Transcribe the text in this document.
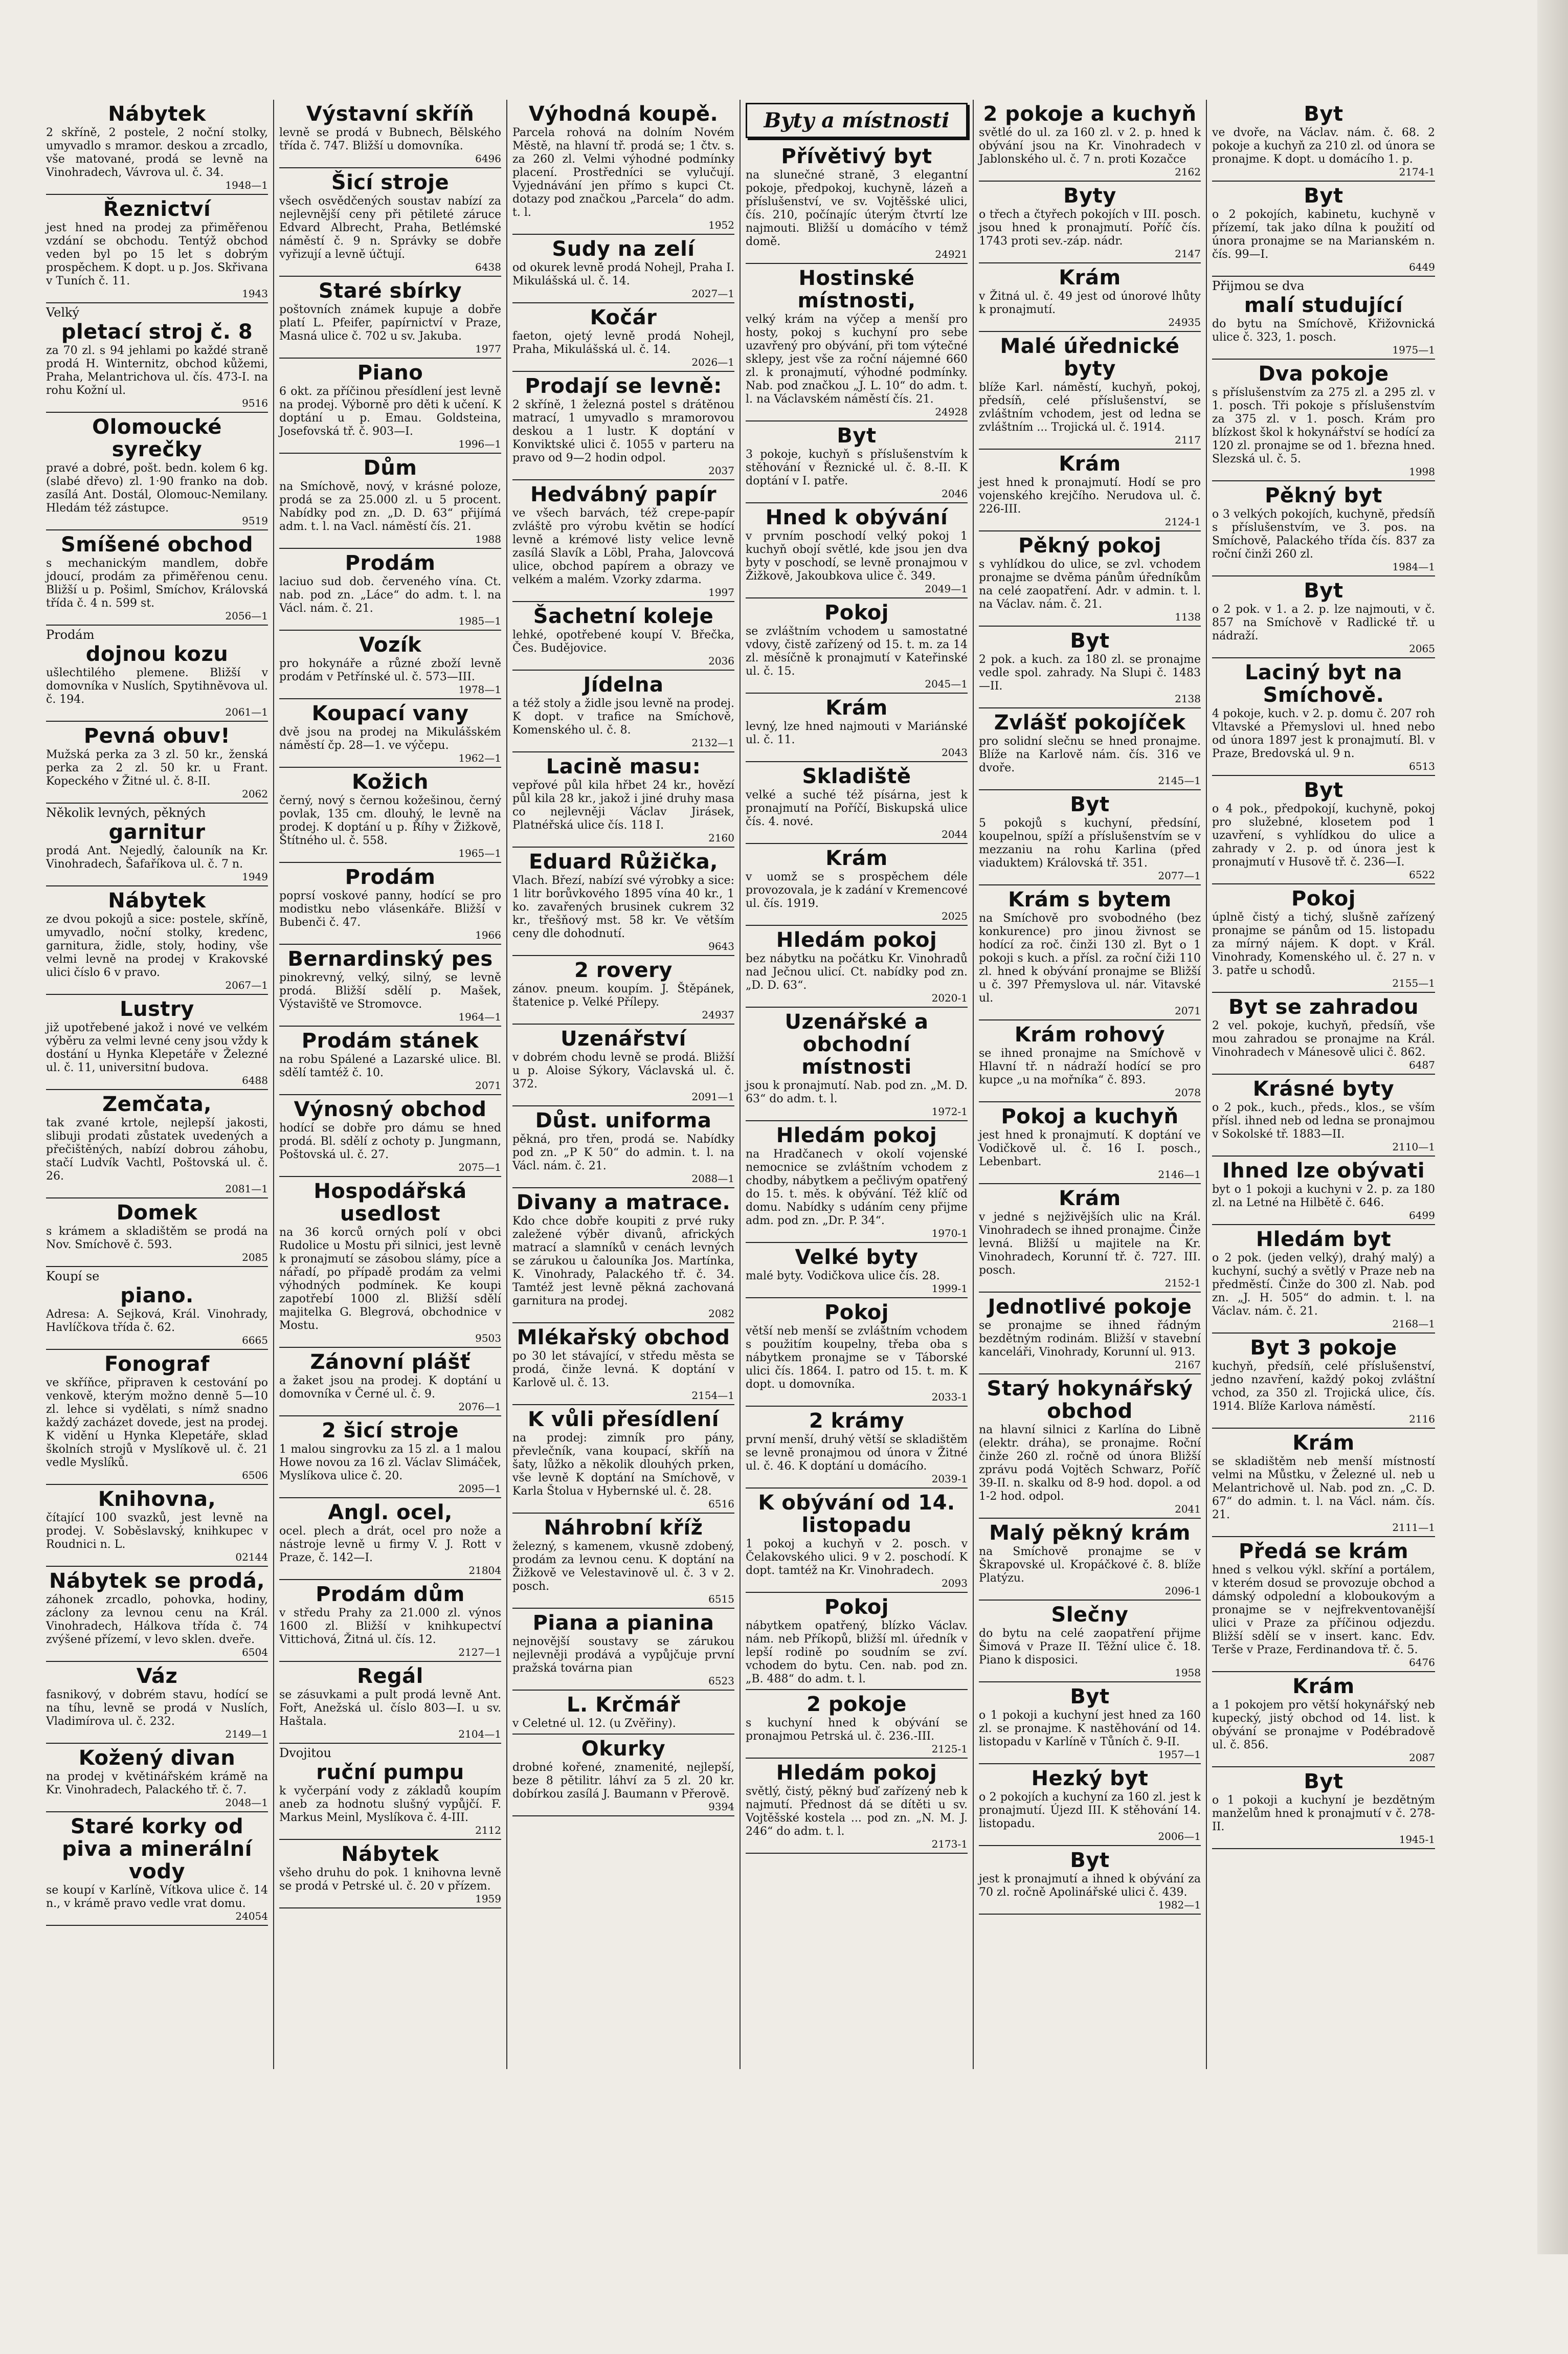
Nábytek

2 skříně, 2 postele, 2 noční stolky, umyvadlo s mramor. deskou a zrcadlo, vše matované, prodá se levně na Vinohradech, Vávrova ul. č. 34.

1948—1
Řeznictví

jest hned na prodej za přiměřenou vzdání se obchodu. Tentýž obchod veden byl po 15 let s dobrým prospěchem. K dopt. u p. Jos. Skřivana v Tuních č. 11.

1943
Velký
pletací stroj č. 8

za 70 zl. s 94 jehlami po každé straně prodá H. Winternitz, obchod kůžemi, Praha, Melantrichova ul. čís. 473-I. na rohu Kožní ul.

9516
Olomoucké syrečky

pravé a dobré, pošt. bedn. kolem 6 kg. (slabé dřevo) zl. 1·90 franko na dob. zasílá Ant. Dostál, Olomouc-Nemilany. Hledám též zástupce.

9519
Smíšené obchod

s mechanickým mandlem, dobře jdoucí, prodám za přiměřenou cenu. Bližší u p. Pošiml, Smíchov, Královská třída č. 4 n. 599 st.

2056—1
Prodám
dojnou kozu

ušlechtilého plemene. Bližší v domovníka v Nuslích, Spytihněvova ul. č. 194.

2061—1
Pevná obuv!

Mužská perka za 3 zl. 50 kr., ženská perka za 2 zl. 50 kr. u Frant. Kopeckého v Žitné ul. č. 8-II.

2062
Několik levných, pěkných
garnitur

prodá Ant. Nejedlý, čalouník na Kr. Vinohradech, Šafaříkova ul. č. 7 n.

1949
Nábytek

ze dvou pokojů a sice: postele, skříně, umyvadlo, noční stolky, kredenc, garnitura, židle, stoly, hodiny, vše velmi levně na prodej v Krakovské ulici číslo 6 v pravo.

2067—1
Lustry

již upotřebené jakož i nové ve velkém výběru za velmi levné ceny jsou vždy k dostání u Hynka Klepetáře v Železné ul. č. 11, universitní budova.

6488
Zemčata,

tak zvané krtole, nejlepší jakosti, slibuji prodati zůstatek uvedených a přečištěných, nabízí dobrou záhobu, stačí Ludvík Vachtl, Poštovská ul. č. 26.

2081—1
Domek

s krámem a skladištěm se prodá na Nov. Smíchově č. 593.

2085
Koupí se
piano.

Adresa: A. Sejková, Král. Vinohrady, Havlíčkova třída č. 62.

6665
Fonograf

ve skříňce, připraven k cestování po venkově, kterým možno denně 5—10 zl. lehce si vydělati, s nímž snadno každý zacházet dovede, jest na prodej. K vidění u Hynka Klepetáře, sklad školních strojů v Myslíkově ul. č. 21 vedle Myslíků.

6506
Knihovna,

čítající 100 svazků, jest levně na prodej. V. Soběslavský, knihkupec v Roudnici n. L.

02144
Nábytek se prodá,

záhonek zrcadlo, pohovka, hodiny, záclony za levnou cenu na Král. Vinohradech, Hálkova třída č. 74 zvýšené přízemí, v levo sklen. dveře.

6504
Váz

fasnikový, v dobrém stavu, hodící se na tíhu, levně se prodá v Nuslích, Vladimírova ul. č. 232.

2149—1
Kožený divan

na prodej v květinářském krámě na Kr. Vinohradech, Palackého tř. č. 7.

2048—1
Staré korky od piva a minerální vody

se koupí v Karlíně, Vítkova ulice č. 14 n., v krámě pravo vedle vrat domu.

24054
Výstavní skříň

levně se prodá v Bubnech, Bělského třída č. 747. Bližší u domovníka.

6496
Šicí stroje

všech osvědčených soustav nabízí za nejlevnější ceny při pětileté záruce Edvard Albrecht, Praha, Betlémské náměstí č. 9 n. Správky se dobře vyřizují a levně účtují.

6438
Staré sbírky

poštovních známek kupuje a dobře platí L. Pfeifer, papírnictví v Praze, Masná ulice č. 702 u sv. Jakuba.

1977
Piano

6 okt. za příčinou přesídlení jest levně na prodej. Výborně pro děti k učení. K doptání u p. Emau. Goldsteina, Josefovská tř. č. 903—I.

1996—1
Dům

na Smíchově, nový, v krásné poloze, prodá se za 25.000 zl. u 5 procent. Nabídky pod zn. „D. D. 63“ přijímá adm. t. l. na Vacl. náměstí čís. 21.

1988
Prodám

laciuo sud dob. červeného vína. Ct. nab. pod zn. „Láce“ do adm. t. l. na Václ. nám. č. 21.

1985—1
Vozík

pro hokynáře a různé zboží levně prodám v Petřínské ul. č. 573—III.

1978—1
Koupací vany

dvě jsou na prodej na Mikulášském náměstí čp. 28—1. ve výčepu.

1962—1
Kožich

černý, nový s černou kožešinou, černý povlak, 135 cm. dlouhý, le levně na prodej. K doptání u p. Říhy v Žižkově, Štítného ul. č. 558.

1965—1
Prodám

poprsí voskové panny, hodící se pro modistku nebo vlásenkáře. Bližší v Bubenči č. 47.

1966
Bernardinský pes

pinokrevný, velký, silný, se levně prodá. Bližší sdělí p. Mašek, Výstaviště ve Stromovce.

1964—1
Prodám stánek

na robu Spálené a Lazarské ulice. Bl. sdělí tamtéž č. 10.

2071
Výnosný obchod

hodící se dobře pro dámu se hned prodá. Bl. sdělí z ochoty p. Jungmann, Poštovská ul. č. 27.

2075—1
Hospodářská usedlost

na 36 korců orných polí v obci Rudolice u Mostu při silnici, jest levně k pronajmutí se zásobou slámy, píce a nářadí, po případě prodám za velmi výhodných podmínek. Ke koupi zapotřebí 1000 zl. Bližší sdělí majitelka G. Blegrová, obchodnice v Mostu.

9503
Zánovní plášť

a žaket jsou na prodej. K doptání u domovníka v Černé ul. č. 9.

2076—1
2 šicí stroje

1 malou singrovku za 15 zl. a 1 malou Howe novou za 16 zl. Václav Slimáček, Myslíkova ulice č. 20.

2095—1
Angl. ocel,

ocel. plech a drát, ocel pro nože a nástroje levně u firmy V. J. Rott v Praze, č. 142—I.

21804
Prodám dům

v středu Prahy za 21.000 zl. výnos 1600 zl. Bližší v knihkupectví Vittichová, Žitná ul. čís. 12.

2127—1
Regál

se zásuvkami a pult prodá levně Ant. Fořt, Anežská ul. číslo 803—I. u sv. Haštala.

2104—1
Dvojitou
ruční pumpu

k vyčerpání vody z základů koupím aneb za hodnotu slušný vypůjčí. F. Markus Meinl, Myslíkova č. 4-III.

2112
Nábytek

všeho druhu do pok. 1 knihovna levně se prodá v Petrské ul. č. 20 v přízem.

1959
Výhodná koupě.

Parcela rohová na dolním Novém Městě, na hlavní tř. prodá se; 1 čtv. s. za 260 zl. Velmi výhodné podmínky placení. Prostředníci se vylučují. Vyjednávání jen přímo s kupci Ct. dotazy pod značkou „Parcela“ do adm. t. l.

1952
Sudy na zelí

od okurek levně prodá Nohejl, Praha I. Mikulášská ul. č. 14.

2027—1
Kočár

faeton, ojetý levně prodá Nohejl, Praha, Mikulášská ul. č. 14.

2026—1
Prodají se levně:

2 skříně, 1 železná postel s drátěnou matrací, 1 umyvadlo s mramorovou deskou a 1 lustr. K doptání v Konviktské ulici č. 1055 v parteru na pravo od 9—2 hodin odpol.

2037
Hedvábný papír

ve všech barvách, též crepe-papír zvláště pro výrobu květin se hodící levně a krémové listy velice levně zasílá Slavík a Löbl, Praha, Jalovcová ulice, obchod papírem a obrazy ve velkém a malém. Vzorky zdarma.

1997
Šachetní koleje

lehké, opotřebené koupí V. Břečka, Čes. Budějovice.

2036
Jídelna

a též stoly a židle jsou levně na prodej. K dopt. v trafice na Smíchově, Komenského ul. č. 8.

2132—1
Lacině masu:

vepřové půl kila hřbet 24 kr., hovězí půl kila 28 kr., jakož i jiné druhy masa co nejlevněji Václav Jirásek, Platnéřská ulice čís. 118 I.

2160
Eduard Růžička,

Vlach. Březí, nabízí své výrobky a sice: 1 litr borůvkového 1895 vína 40 kr., 1 ko. zavařených brusinek cukrem 32 kr., třešňový mst. 58 kr. Ve větším ceny dle dohodnutí.

9643
2 rovery

zánov. pneum. koupím. J. Štěpánek, štatenice p. Velké Přílepy.

24937
Uzenářství

v dobrém chodu levně se prodá. Bližší u p. Aloise Sýkory, Václavská ul. č. 372.

2091—1
Důst. uniforma

pěkná, pro třen, prodá se. Nabídky pod zn. „P K 50“ do admin. t. l. na Václ. nám. č. 21.

2088—1
Divany a matrace.

Kdo chce dobře koupiti z prvé ruky zaležené výběr divanů, afrických matrací a slamníků v cenách levných se zárukou u čalouníka Jos. Martínka, K. Vinohrady, Palackého tř. č. 34. Tamtéž jest levně pěkná zachovaná garnitura na prodej.

2082
Mlékařský obchod

po 30 let stávající, v středu města se prodá, činže levná. K doptání v Karlově ul. č. 13.

2154—1
K vůli přesídlení

na prodej: zimník pro pány, převlečník, vana koupací, skříň na šaty, lůžko a několik dlouhých prken, vše levně K doptání na Smíchově, v Karla Štolua v Hybernské ul. č. 28.

6516
Náhrobní kříž

železný, s kamenem, vkusně zdobený, prodám za levnou cenu. K doptání na Žižkově ve Velestavinově ul. č. 3 v 2. posch.

6515
Piana a pianina

nejnovější soustavy se zárukou nejlevněji prodává a vypůjčuje první pražská továrna pian

6523
L. Krčmář

v Celetné ul. 12. (u Zvěřiny).

Okurky

drobné kořené, znamenité, nejlepší, beze 8 pětilitr. láhví za 5 zl. 20 kr. dobírkou zasílá J. Baumann v Přerově.

9394
Byty a místnosti
Přívětivý byt

na slunečné straně, 3 elegantní pokoje, předpokoj, kuchyně, lázeň a příslušenství, ve sv. Vojtěšské ulici, čís. 210, počínajíc úterým čtvrtí lze najmouti. Bližší u domácího v témž domě.

24921
Hostinské místnosti,

velký krám na výčep a menší pro hosty, pokoj s kuchyní pro sebe uzavřený pro obývání, při tom výtečné sklepy, jest vše za roční nájemné 660 zl. k pronajmutí, výhodné podmínky. Nab. pod značkou „J. L. 10“ do adm. t. l. na Václavském náměstí čís. 21.

24928
Byt

3 pokoje, kuchyň s příslušenstvím k stěhování v Řeznické ul. č. 8.-II. K doptání v I. patře.

2046
Hned k obývání

v prvním poschodí velký pokoj 1 kuchyň obojí světlé, kde jsou jen dva byty v poschodí, se levně pronajmou v Žižkově, Jakoubkova ulice č. 349.

2049—1
Pokoj

se zvláštním vchodem u samostatné vdovy, čistě zařízený od 15. t. m. za 14 zl. měsíčně k pronajmutí v Kateřinské ul. č. 15.

2045—1
Krám

levný, lze hned najmouti v Mariánské ul. č. 11.

2043
Skladiště

velké a suché též písárna, jest k pronajmutí na Poříčí, Biskupská ulice čís. 4. nové.

2044
Krám

v uomž se s prospěchem déle provozovala, je k zadání v Kremencové ul. čís. 1919.

2025
Hledám pokoj

bez nábytku na počátku Kr. Vinohradů nad Ječnou ulicí. Ct. nabídky pod zn. „D. D. 63“.

2020-1
Uzenářské a obchodní místnosti

jsou k pronajmutí. Nab. pod zn. „M. D. 63“ do adm. t. l.

1972-1
Hledám pokoj

na Hradčanech v okolí vojenské nemocnice se zvláštním vchodem z chodby, nábytkem a pečlivým opatřený do 15. t. měs. k obývání. Též klíč od domu. Nabídky s udáním ceny přijme adm. pod zn. „Dr. P. 34“.

1970-1
Velké byty

malé byty. Vodičkova ulice čís. 28.

1999-1
Pokoj

větší neb menší se zvláštním vchodem s použitím koupelny, třeba oba s nábytkem pronajme se v Táborské ulici čís. 1864. I. patro od 15. t. m. K dopt. u domovníka.

2033-1
2 krámy

první menší, druhý větší se skladištěm se levně pronajmou od února v Žitné ul. č. 46. K doptání u domácího.

2039-1
K obývání od 14. listopadu

1 pokoj a kuchyň v 2. posch. v Čelakovského ulici. 9 v 2. poschodí. K dopt. tamtéž na Kr. Vinohradech.

2093
Pokoj

nábytkem opatřený, blízko Václav. nám. neb Příkopů, bližší ml. úředník v lepší rodině po soudním se zví. vchodem do bytu. Cen. nab. pod zn. „B. 488“ do adm. t. l.

2 pokoje

s kuchyní hned k obývání se pronajmou Petrská ul. č. 236.-III.

2125-1
Hledám pokoj

světlý, čistý, pěkný buď zařízený neb k najmutí. Přednost dá se dítěti u sv. Vojtěšské kostela ... pod zn. „N. M. J. 246“ do adm. t. l.

2173-1
2 pokoje a kuchyň

světlé do ul. za 160 zl. v 2. p. hned k obývání jsou na Kr. Vinohradech v Jablonského ul. č. 7 n. proti Kozačce

2162
Byty

o třech a čtyřech pokojích v III. posch. jsou hned k pronajmutí. Poříč čís. 1743 proti sev.-záp. nádr.

2147
Krám

v Žitná ul. č. 49 jest od únorové lhůty k pronajmutí.

24935
Malé úřednické byty

blíže Karl. náměstí, kuchyň, pokoj, předsíň, celé příslušenství, se zvláštním vchodem, jest od ledna se zvláštním ... Trojická ul. č. 1914.

2117
Krám

jest hned k pronajmutí. Hodí se pro vojenského krejčího. Nerudova ul. č. 226-III.

2124-1
Pěkný pokoj

s vyhlídkou do ulice, se zvl. vchodem pronajme se dvěma pánům úředníkům na celé zaopatření. Adr. v admin. t. l. na Václav. nám. č. 21.

1138
Byt

2 pok. a kuch. za 180 zl. se pronajme vedle spol. zahrady. Na Slupi č. 1483—II.

2138
Zvlášť pokojíček

pro solidní slečnu se hned pronajme. Blíže na Karlově nám. čís. 316 ve dvoře.

2145—1
Byt

5 pokojů s kuchyní, předsíní, koupelnou, spíží a příslušenstvím se v mezzaniu na rohu Karlina (před viaduktem) Královská tř. 351.

2077—1
Krám s bytem

na Smíchově pro svobodného (bez konkurence) pro jinou živnost se hodící za roč. činži 130 zl. Byt o 1 pokoji s kuch. a přísl. za roční čiži 110 zl. hned k obývání pronajme se Bližší u č. 397 Přemyslova ul. nár. Vitavské ul.

2071
Krám rohový

se ihned pronajme na Smíchově v Hlavní tř. n nádraží hodící se pro kupce „u na mořníka“ č. 893.

2078
Pokoj a kuchyň

jest hned k pronajmutí. K doptání ve Vodičkově ul. č. 16 I. posch., Lebenbart.

2146—1
Krám

v jedné s nejživějších ulic na Král. Vinohradech se ihned pronajme. Činže levná. Bližší u majitele na Kr. Vinohradech, Korunní tř. č. 727. III. posch.

2152-1
Jednotlivé pokoje

se pronajme se ihned řádným bezdětným rodinám. Bližší v stavební kanceláři, Vinohrady, Korunní ul. 913.

2167
Starý hokynářský obchod

na hlavní silnici z Karlína do Libně (elektr. dráha), se pronajme. Roční činže 260 zl. ročně od února Bližší zprávu podá Vojtěch Schwarz, Poříč 39-II. n. skalku od 8-9 hod. dopol. a od 1-2 hod. odpol.

2041
Malý pěkný krám

na Smíchově pronajme se v Škrapovské ul. Kropáčkové č. 8. blíže Platýzu.

2096-1
Slečny

do bytu na celé zaopatření přijme Šimová v Praze II. Těžní ulice č. 18. Piano k disposici.

1958
Byt

o 1 pokoji a kuchyní jest hned za 160 zl. se pronajme. K nastěhování od 14. listopadu v Karlíně v Tůních č. 9-II.

1957—1
Hezký byt

o 2 pokojích a kuchyní za 160 zl. jest k pronajmutí. Újezd III. K stěhování 14. listopadu.

2006—1
Byt

jest k pronajmutí a ihned k obývání za 70 zl. ročně Apolinářské ulici č. 439.

1982—1
Byt

ve dvoře, na Václav. nám. č. 68. 2 pokoje a kuchyň za 210 zl. od února se pronajme. K dopt. u domácího 1. p.

2174-1
Byt

o 2 pokojích, kabinetu, kuchyně v přízemí, tak jako dílna k použití od února pronajme se na Marianském n. čís. 99—I.

6449
Přijmou se dva
malí studující

do bytu na Smíchově, Křižovnická ulice č. 323, 1. posch.

1975—1
Dva pokoje

s příslušenstvím za 275 zl. a 295 zl. v 1. posch. Tři pokoje s příslušenstvím za 375 zl. v 1. posch. Krám pro blízkost škol k hokynářství se hodící za 120 zl. pronajme se od 1. března hned. Slezská ul. č. 5.

1998
Pěkný byt

o 3 velkých pokojích, kuchyně, předsíň s příslušenstvím, ve 3. pos. na Smíchově, Palackého třída čís. 837 za roční činži 260 zl.

1984—1
Byt

o 2 pok. v 1. a 2. p. lze najmouti, v č. 857 na Smíchově v Radlické tř. u nádraží.

2065
Laciný byt na Smíchově.

4 pokoje, kuch. v 2. p. domu č. 207 roh Vltavské a Přemyslovi ul. hned nebo od února 1897 jest k pronajmutí. Bl. v Praze, Bredovská ul. 9 n.

6513
Byt

o 4 pok., předpokojí, kuchyně, pokoj pro služebné, klosetem pod 1 uzavření, s vyhlídkou do ulice a zahrady v 2. p. od února jest k pronajmutí v Husově tř. č. 236—I.

6522
Pokoj

úplně čistý a tichý, slušně zařízený pronajme se pánům od 15. listopadu za mírný nájem. K dopt. v Král. Vinohrady, Komenského ul. č. 27 n. v 3. patře u schodů.

2155—1
Byt se zahradou

2 vel. pokoje, kuchyň, předsíň, vše mou zahradou se pronajme na Král. Vinohradech v Mánesově ulici č. 862.

6487
Krásné byty

o 2 pok., kuch., předs., klos., se vším přísl. ihned neb od ledna se pronajmou v Sokolské tř. 1883—II.

2110—1
Ihned lze obývati

byt o 1 pokoji a kuchyni v 2. p. za 180 zl. na Letné na Hilbětě č. 646.

6499
Hledám byt

o 2 pok. (jeden velký), drahý malý) a kuchyní, suchý a světlý v Praze neb na předměstí. Činže do 300 zl. Nab. pod zn. „J. H. 505“ do admin. t. l. na Václav. nám. č. 21.

2168—1
Byt 3 pokoje

kuchyň, předsíň, celé příslušenství, jedno nzavření, každý pokoj zvláštní vchod, za 350 zl. Trojická ulice, čís. 1914. Blíže Karlova náměstí.

2116
Krám

se skladištěm neb menší místností velmi na Můstku, v Železné ul. neb u Melantrichově ul. Nab. pod zn. „C. D. 67“ do admin. t. l. na Václ. nám. čís. 21.

2111—1
Předá se krám

hned s velkou výkl. skříní a portálem, v kterém dosud se provozuje obchod a dámský odpolední a kloboukovým a pronajme se v nejfrekventovanější ulici v Praze za příčinou odjezdu. Bližší sdělí se v insert. kanc. Edv. Terše v Praze, Ferdinandova tř. č. 5.

6476
Krám

a 1 pokojem pro větší hokynářský neb kupecký, jistý obchod od 14. list. k obývání se pronajme v Podébradově ul. č. 856.

2087
Byt

o 1 pokoji a kuchyní je bezdětným manželům hned k pronajmutí v č. 278-II.

1945-1
